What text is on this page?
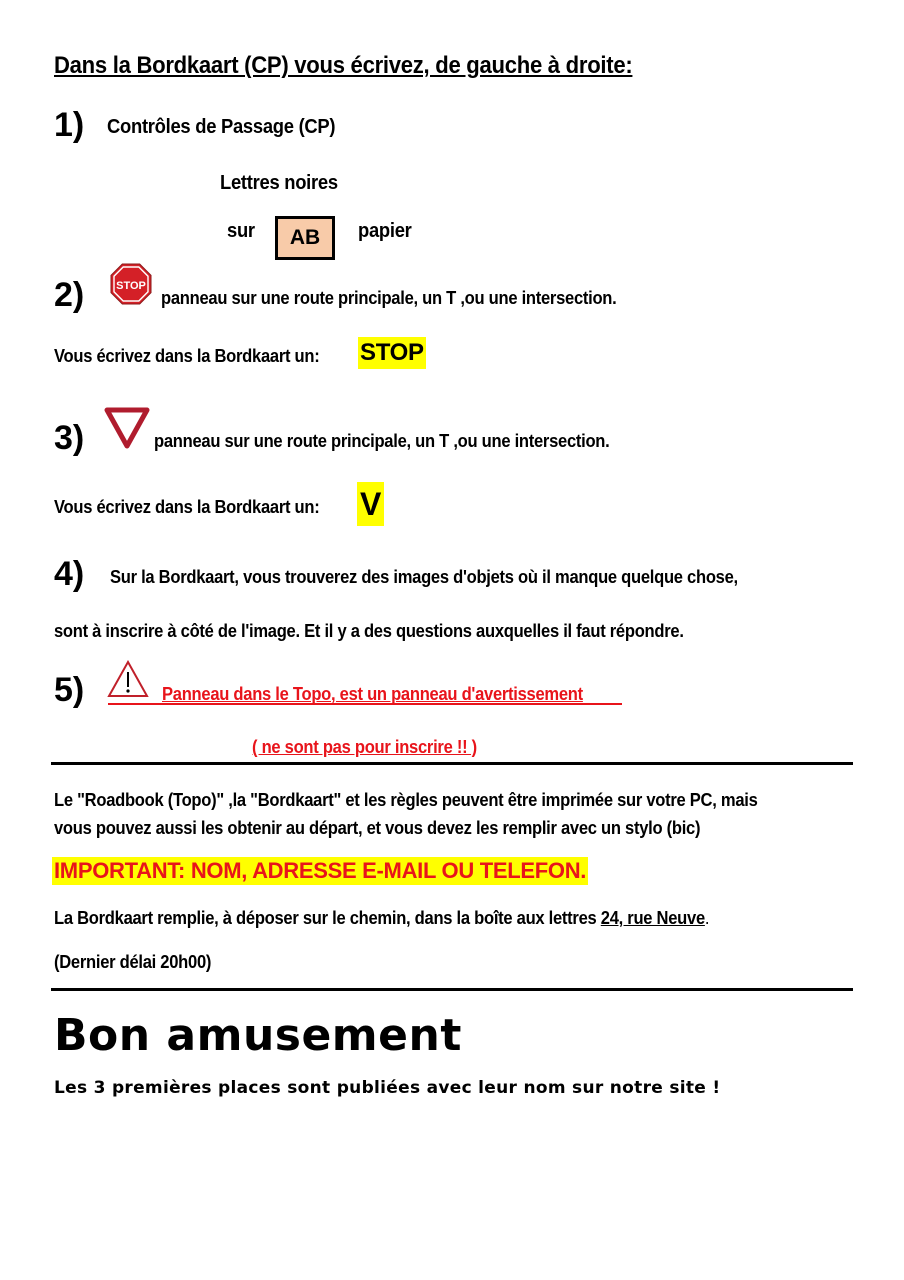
Dans la Bordkaart (CP) vous écrivez, de gauche à droite:
1) Contrôles de Passage (CP)
Lettres noires
sur AB papier
2)	STOP
panneau sur une route principale, un T ,ou une intersection.
Vous écrivez dans la Bordkaart un: STOP
3)	panneau sur une route principale, un T ,ou une intersection.
Vous écrivez dans la Bordkaart un: V
4) Sur la Bordkaart, vous trouverez des images d'objets où il manque quelque chose,
sont à inscrire à côté de l'image. Et il y a des questions auxquelles il faut répondre.
5)	Panneau dans le Topo, est un panneau d'avertissement
( ne sont pas pour inscrire !! )
Le "Roadbook (Topo)" ,la "Bordkaart" et les règles peuvent être imprimée sur votre PC, mais
vous pouvez aussi les obtenir au départ, et vous devez les remplir avec un stylo (bic)
IMPORTANT: NOM, ADRESSE E-MAIL OU TELEFON.
La Bordkaart remplie, à déposer sur le chemin, dans la boîte aux lettres 24, rue Neuve.
(Dernier délai 20h00)
Bon amusement
Les 3 premières places sont publiées avec leur nom sur notre site !
